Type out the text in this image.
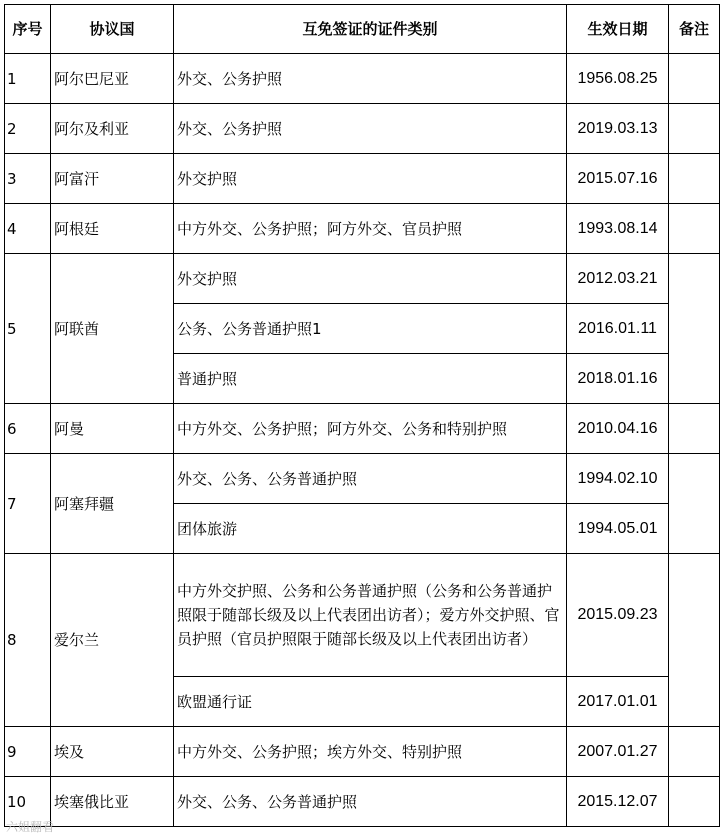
序号	协议国	互免签证的证件类别	生效日期	备注
1	阿尔巴尼亚	外交、公务护照	1956.08.25	
2	阿尔及利亚	外交、公务护照	2019.03.13	
3	阿富汗	外交护照	2015.07.16	
4	阿根廷	中方外交、公务护照；阿方外交、官员护照	1993.08.14	
5	阿联酋	外交护照	2012.03.21	
		公务、公务普通护照1	2016.01.11	
		普通护照	2018.01.16	
6	阿曼	中方外交、公务护照；阿方外交、公务和特别护照	2010.04.16	
7	阿塞拜疆	外交、公务、公务普通护照	1994.02.10	
		团体旅游	1994.05.01	
8	爱尔兰	中方外交护照、公务和公务普通护照（公务和公务普通护照限于随部长级及以上代表团出访者）；爱方外交护照、官员护照（官员护照限于随部长级及以上代表团出访者）	2015.09.23	
		欧盟通行证	2017.01.01	
9	埃及	中方外交、公务护照；埃方外交、特别护照	2007.01.27	
10	埃塞俄比亚	外交、公务、公务普通护照	2015.12.07	
六姐翻看
